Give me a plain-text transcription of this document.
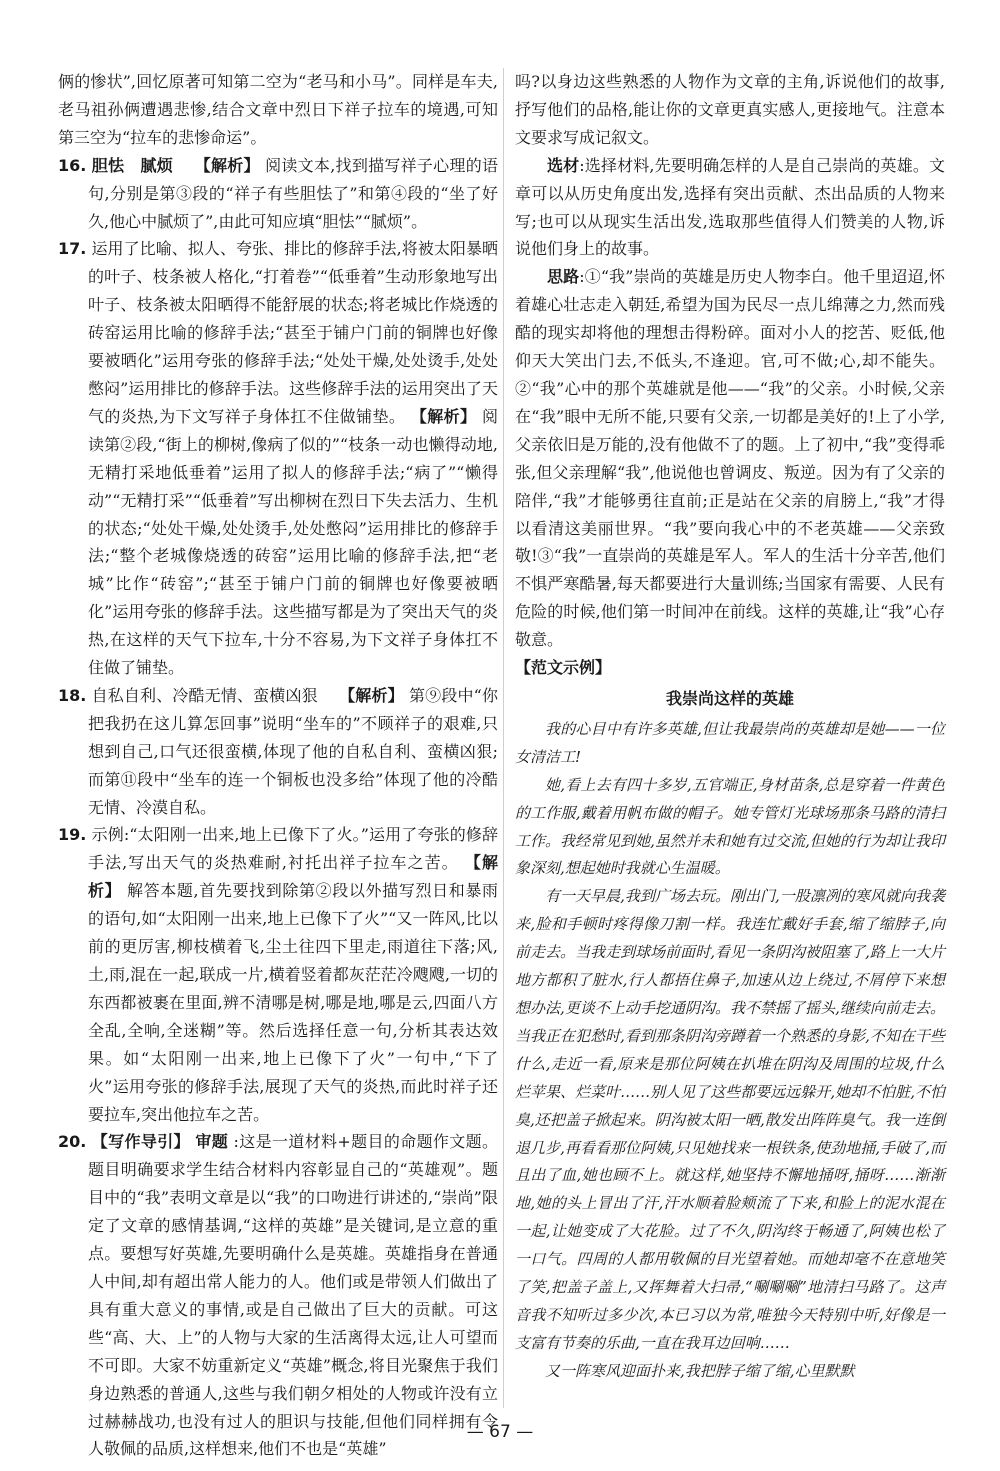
俩的惨状”,回忆原著可知第二空为“老马和小马”。同样是车夫,老马祖孙俩遭遇悲惨,结合文章中烈日下祥子拉车的境遇,可知第三空为“拉车的悲惨命运”。

16. 胆怯　腻烦　 【解析】 阅读文本,找到描写祥子心理的语句,分别是第③段的“祥子有些胆怯了”和第④段的“坐了好久,他心中腻烦了”,由此可知应填“胆怯”“腻烦”。

17. 运用了比喻、拟人、夸张、排比的修辞手法,将被太阳暴晒的叶子、枝条被人格化,“打着卷”“低垂着”生动形象地写出叶子、枝条被太阳晒得不能舒展的状态;将老城比作烧透的砖窑运用比喻的修辞手法;“甚至于铺户门前的铜牌也好像要被晒化”运用夸张的修辞手法;“处处干燥,处处烫手,处处憋闷”运用排比的修辞手法。这些修辞手法的运用突出了天气的炎热,为下文写祥子身体扛不住做铺垫。 【解析】 阅读第②段,“街上的柳树,像病了似的”“枝条一动也懒得动地,无精打采地低垂着”运用了拟人的修辞手法;“病了”“懒得动”“无精打采”“低垂着”写出柳树在烈日下失去活力、生机的状态;“处处干燥,处处烫手,处处憋闷”运用排比的修辞手法;“整个老城像烧透的砖窑”运用比喻的修辞手法,把“老城”比作“砖窑”;“甚至于铺户门前的铜牌也好像要被晒化”运用夸张的修辞手法。这些描写都是为了突出天气的炎热,在这样的天气下拉车,十分不容易,为下文祥子身体扛不住做了铺垫。

18. 自私自利、冷酷无情、蛮横凶狠　 【解析】 第⑨段中“你把我扔在这儿算怎回事”说明“坐车的”不顾祥子的艰难,只想到自己,口气还很蛮横,体现了他的自私自利、蛮横凶狠;而第⑪段中“坐车的连一个铜板也没多给”体现了他的冷酷无情、冷漠自私。

19. 示例:“太阳刚一出来,地上已像下了火。”运用了夸张的修辞手法,写出天气的炎热难耐,衬托出祥子拉车之苦。 【解析】 解答本题,首先要找到除第②段以外描写烈日和暴雨的语句,如“太阳刚一出来,地上已像下了火”“又一阵风,比以前的更厉害,柳枝横着飞,尘土往四下里走,雨道往下落;风,土,雨,混在一起,联成一片,横着竖着都灰茫茫冷飕飕,一切的东西都被裹在里面,辨不清哪是树,哪是地,哪是云,四面八方全乱,全响,全迷糊”等。然后选择任意一句,分析其表达效果。如“太阳刚一出来,地上已像下了火”一句中,“下了火”运用夸张的修辞手法,展现了天气的炎热,而此时祥子还要拉车,突出他拉车之苦。

20. 【写作导引】 审题 :这是一道材料+题目的命题作文题。题目明确要求学生结合材料内容彰显自己的“英雄观”。题目中的“我”表明文章是以“我”的口吻进行讲述的,“崇尚”限定了文章的感情基调,“这样的英雄”是关键词,是立意的重点。要想写好英雄,先要明确什么是英雄。英雄指身在普通人中间,却有超出常人能力的人。他们或是带领人们做出了具有重大意义的事情,或是自己做出了巨大的贡献。可这些“高、大、上”的人物与大家的生活离得太远,让人可望而不可即。大家不妨重新定义“英雄”概念,将目光聚焦于我们身边熟悉的普通人,这些与我们朝夕相处的人物或许没有立过赫赫战功,也没有过人的胆识与技能,但他们同样拥有令人敬佩的品质,这样想来,他们不也是“英雄”

吗?以身边这些熟悉的人物作为文章的主角,诉说他们的故事,抒写他们的品格,能让你的文章更真实感人,更接地气。注意本文要求写成记叙文。

选材:选择材料,先要明确怎样的人是自己崇尚的英雄。文章可以从历史角度出发,选择有突出贡献、杰出品质的人物来写;也可以从现实生活出发,选取那些值得人们赞美的人物,诉说他们身上的故事。

思路:①“我”崇尚的英雄是历史人物李白。他千里迢迢,怀着雄心壮志走入朝廷,希望为国为民尽一点儿绵薄之力,然而残酷的现实却将他的理想击得粉碎。面对小人的挖苦、贬低,他仰天大笑出门去,不低头,不逢迎。官,可不做;心,却不能失。②“我”心中的那个英雄就是他——“我”的父亲。小时候,父亲在“我”眼中无所不能,只要有父亲,一切都是美好的!上了小学,父亲依旧是万能的,没有他做不了的题。上了初中,“我”变得乖张,但父亲理解“我”,他说他也曾调皮、叛逆。因为有了父亲的陪伴,“我”才能够勇往直前;正是站在父亲的肩膀上,“我”才得以看清这美丽世界。“我”要向我心中的不老英雄——父亲致敬!③“我”一直崇尚的英雄是军人。军人的生活十分辛苦,他们不惧严寒酷暑,每天都要进行大量训练;当国家有需要、人民有危险的时候,他们第一时间冲在前线。这样的英雄,让“我”心存敬意。

【范文示例】

我崇尚这样的英雄

我的心目中有许多英雄,但让我最崇尚的英雄却是她——一位女清洁工!

她,看上去有四十多岁,五官端正,身材苗条,总是穿着一件黄色的工作服,戴着用帆布做的帽子。她专管灯光球场那条马路的清扫工作。我经常见到她,虽然并未和她有过交流,但她的行为却让我印象深刻,想起她时我就心生温暖。

有一天早晨,我到广场去玩。刚出门,一股凛冽的寒风就向我袭来,脸和手顿时疼得像刀割一样。我连忙戴好手套,缩了缩脖子,向前走去。当我走到球场前面时,看见一条阴沟被阻塞了,路上一大片地方都积了脏水,行人都捂住鼻子,加速从边上绕过,不屑停下来想想办法,更谈不上动手挖通阴沟。我不禁摇了摇头,继续向前走去。当我正在犯愁时,看到那条阴沟旁蹲着一个熟悉的身影,不知在干些什么,走近一看,原来是那位阿姨在扒堆在阴沟及周围的垃圾,什么烂苹果、烂菜叶……别人见了这些都要远远躲开,她却不怕脏,不怕臭,还把盖子掀起来。阴沟被太阳一晒,散发出阵阵臭气。我一连倒退几步,再看看那位阿姨,只见她找来一根铁条,使劲地捅,手破了,而且出了血,她也顾不上。就这样,她坚持不懈地捅呀,捅呀……渐渐地,她的头上冒出了汗,汗水顺着脸颊流了下来,和脸上的泥水混在一起,让她变成了大花脸。过了不久,阴沟终于畅通了,阿姨也松了一口气。四周的人都用敬佩的目光望着她。而她却毫不在意地笑了笑,把盖子盖上,又挥舞着大扫帚,“唰唰唰”地清扫马路了。这声音我不知听过多少次,本已习以为常,唯独今天特别中听,好像是一支富有节奏的乐曲,一直在我耳边回响……

又一阵寒风迎面扑来,我把脖子缩了缩,心里默默

— 67 —
